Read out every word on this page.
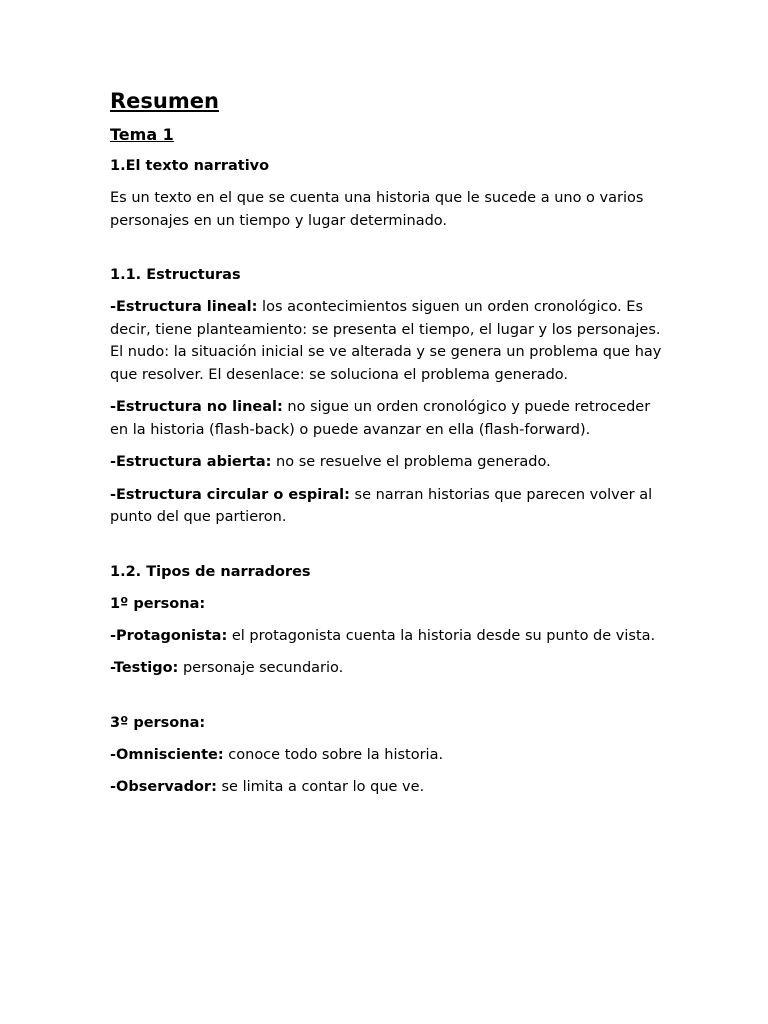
Resumen
Tema 1
1.El texto narrativo

Es un texto en el que se cuenta una historia que le sucede a uno o varios personajes en un tiempo y lugar determinado.

1.1. Estructuras

-Estructura lineal: los acontecimientos siguen un orden cronológico. Es decir, tiene planteamiento: se presenta el tiempo, el lugar y los personajes. El nudo: la situación inicial se ve alterada y se genera un problema que hay que resolver. El desenlace: se soluciona el problema generado.

-Estructura no lineal: no sigue un orden cronológico y puede retroceder en la historia (flash-back) o puede avanzar en ella (flash-forward).

-Estructura abierta: no se resuelve el problema generado.

-Estructura circular o espiral: se narran historias que parecen volver al punto del que partieron.

1.2. Tipos de narradores
1º persona:

-Protagonista: el protagonista cuenta la historia desde su punto de vista.

-Testigo: personaje secundario.

3º persona:

-Omnisciente: conoce todo sobre la historia.

-Observador: se limita a contar lo que ve.
